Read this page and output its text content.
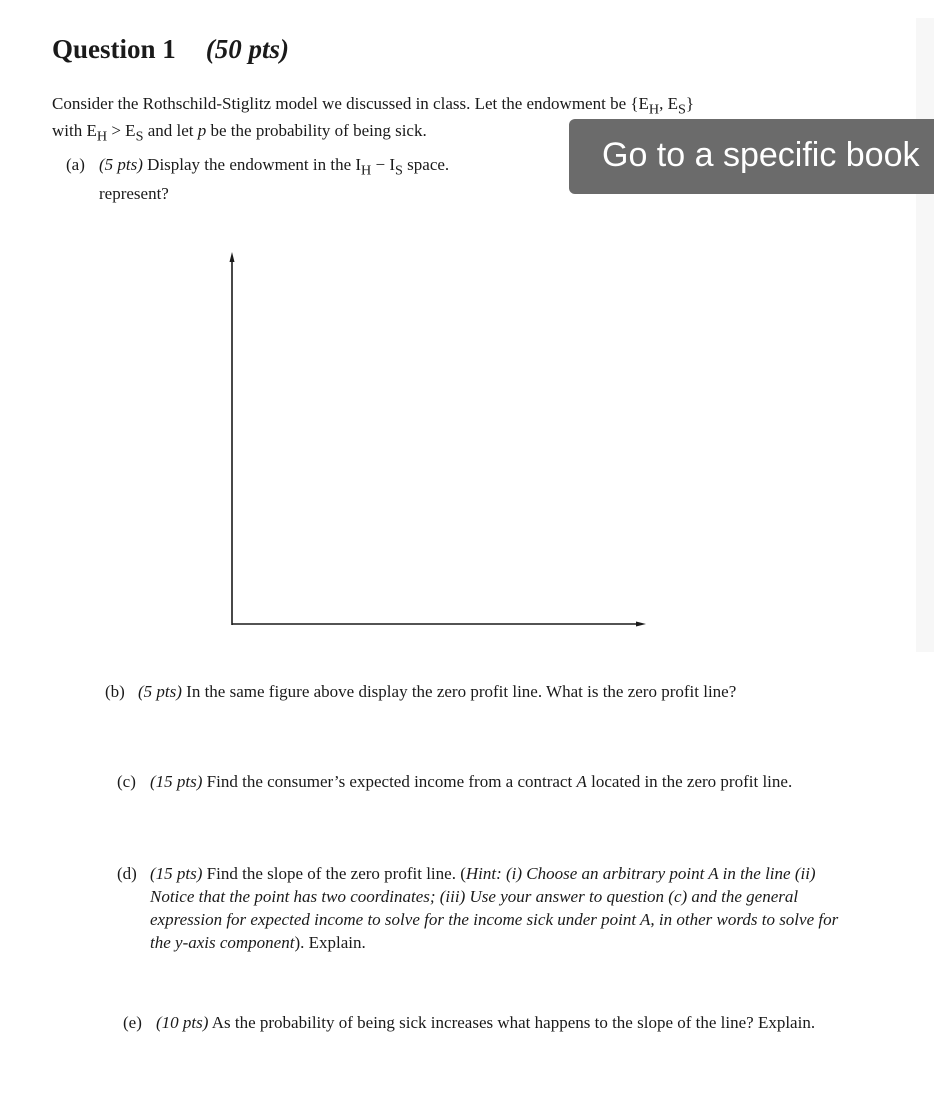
Question 1 (50 pts)
Consider the Rothschild-Stiglitz model we discussed in class. Let the endowment be {$E_H$, $E_S$}
with $E_H > E_S$ and let p be the probability of being sick.
(a) (5 pts) Display the endowment in the $I_H - I_S$ space.
represent?
(b) (5 pts) In the same figure above display the zero profit line. What is the zero profit line?
(c) (15 pts) Find the consumer’s expected income from a contract A located in the zero profit line.
(d) (15 pts) Find the slope of the zero profit line. (Hint: (i) Choose an arbitrary point A in the line (ii) Notice that the point has two coordinates; (iii) Use your answer to question (c) and the general expression for expected income to solve for the income sick under point A, in other words to solve for the y-axis component). Explain.
(e) (10 pts) As the probability of being sick increases what happens to the slope of the line? Explain.
Go to a specific book
